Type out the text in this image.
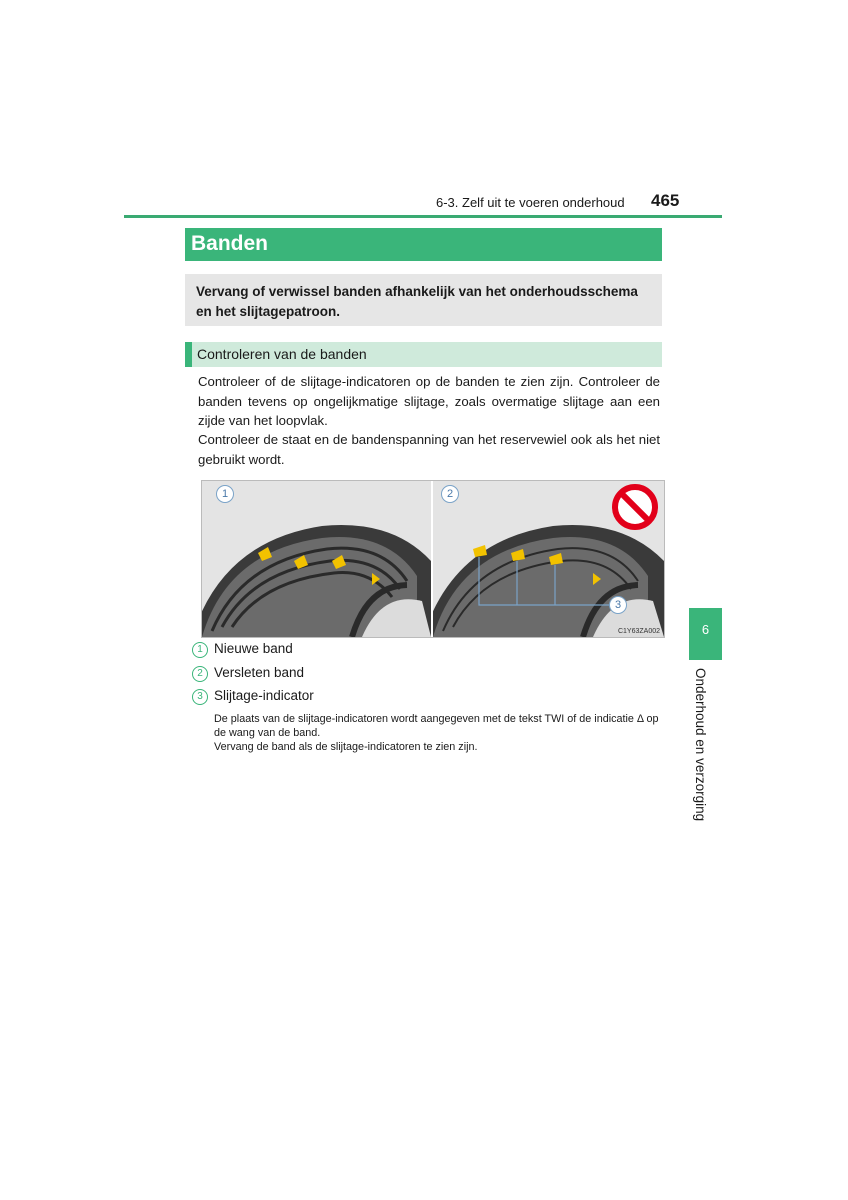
6-3. Zelf uit te voeren onderhoud 465
Banden
Vervang of verwissel banden afhankelijk van het onderhoudsschema en het slijtagepatroon.
Controleren van de banden
Controleer of de slijtage-indicatoren op de banden te zien zijn. Controleer de banden tevens op ongelijkmatige slijtage, zoals overmatige slijtage aan een zijde van het loopvlak.
Controleer de staat en de bandenspanning van het reservewiel ook als het niet gebruikt wordt.
1	2
3
C1Y63ZA002
1 Nieuwe band
2 Versleten band
3 Slijtage-indicator
De plaats van de slijtage-indicatoren wordt aangegeven met de tekst TWI of de indicatie Δ op de wang van de band.
Vervang de band als de slijtage-indicatoren te zien zijn.
6
Onderhoud en verzorging
